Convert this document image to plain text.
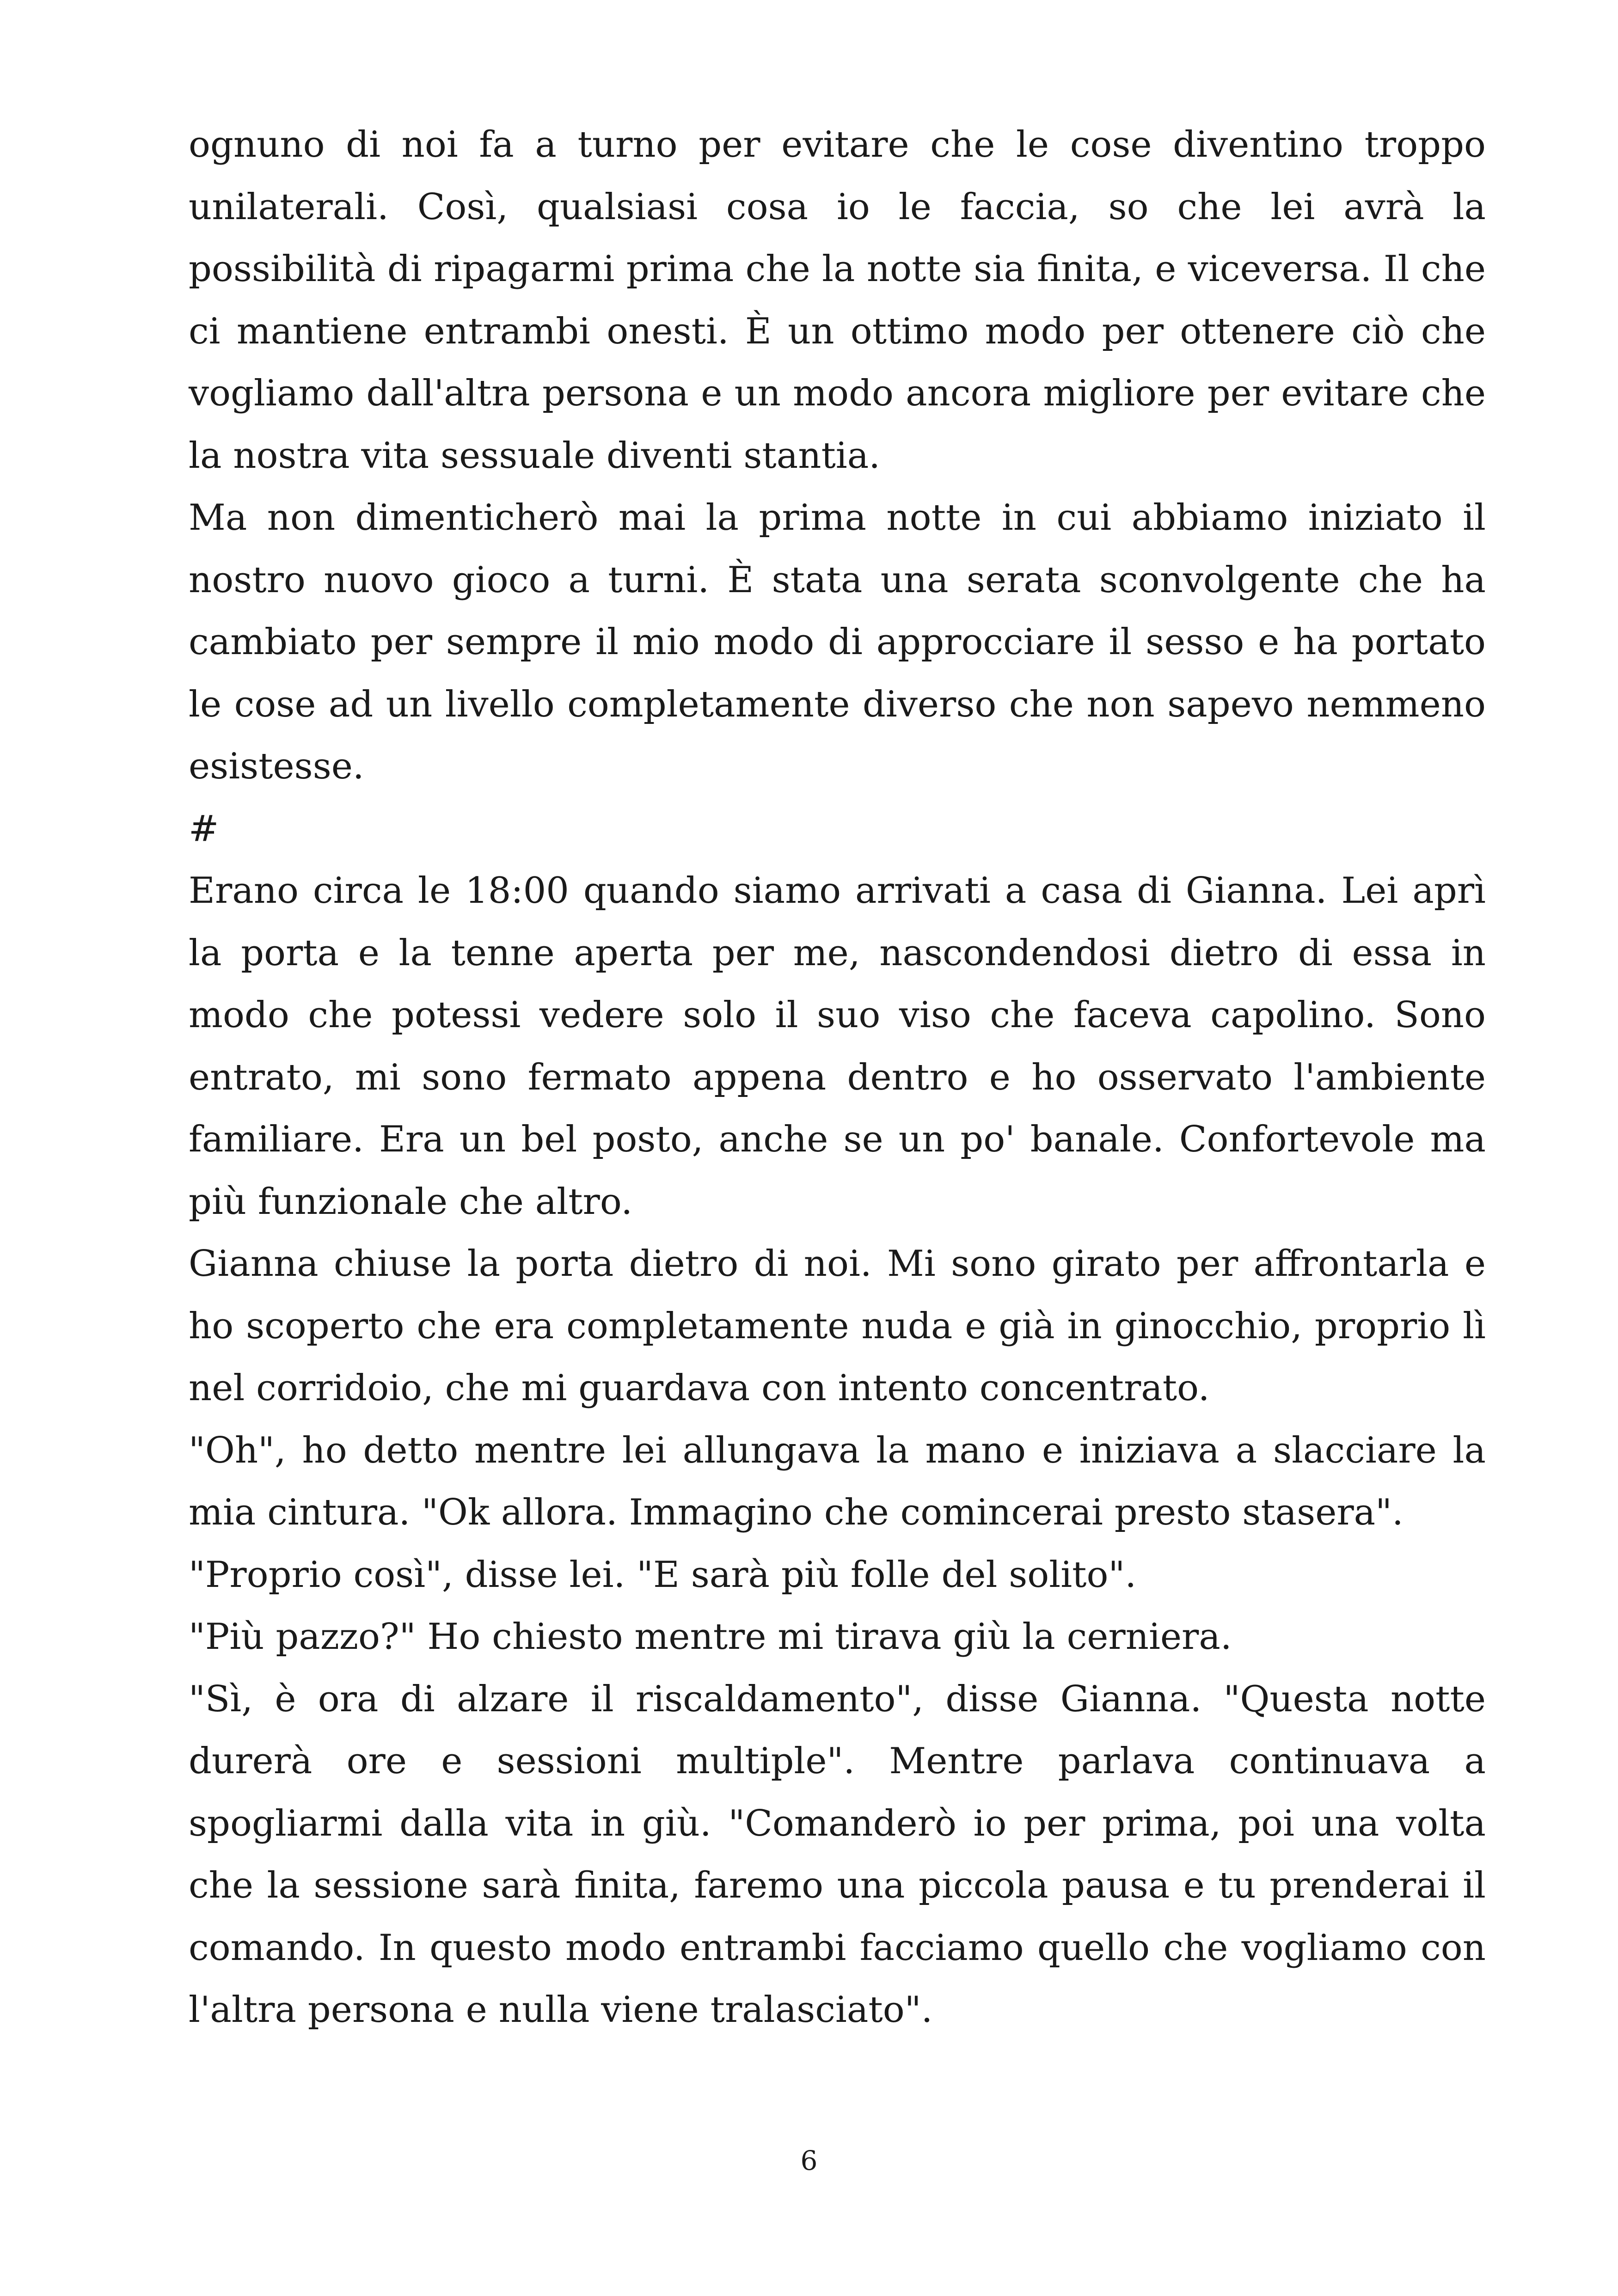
ognuno di noi fa a turno per evitare che le cose diventino troppo unilaterali. Così, qualsiasi cosa io le faccia, so che lei avrà la possibilità di ripagarmi prima che la notte sia finita, e viceversa. Il che ci mantiene entrambi onesti. È un ottimo modo per ottenere ciò che vogliamo dall'altra persona e un modo ancora migliore per evitare che la nostra vita sessuale diventi stantia.

Ma non dimenticherò mai la prima notte in cui abbiamo iniziato il nostro nuovo gioco a turni. È stata una serata sconvolgente che ha cambiato per sempre il mio modo di approcciare il sesso e ha portato le cose ad un livello completamente diverso che non sapevo nemmeno esistesse.

#

Erano circa le 18:00 quando siamo arrivati a casa di Gianna. Lei aprì la porta e la tenne aperta per me, nascondendosi dietro di essa in modo che potessi vedere solo il suo viso che faceva capolino. Sono entrato, mi sono fermato appena dentro e ho osservato l'ambiente familiare. Era un bel posto, anche se un po' banale. Confortevole ma più funzionale che altro.

Gianna chiuse la porta dietro di noi. Mi sono girato per affrontarla e ho scoperto che era completamente nuda e già in ginocchio, proprio lì nel corridoio, che mi guardava con intento concentrato.

"Oh", ho detto mentre lei allungava la mano e iniziava a slacciare la mia cintura. "Ok allora. Immagino che comincerai presto stasera".

"Proprio così", disse lei. "E sarà più folle del solito".

"Più pazzo?" Ho chiesto mentre mi tirava giù la cerniera.

"Sì, è ora di alzare il riscaldamento", disse Gianna. "Questa notte durerà ore e sessioni multiple". Mentre parlava continuava a spogliarmi dalla vita in giù. "Comanderò io per prima, poi una volta che la sessione sarà finita, faremo una piccola pausa e tu prenderai il comando. In questo modo entrambi facciamo quello che vogliamo con l'altra persona e nulla viene tralasciato".

6
